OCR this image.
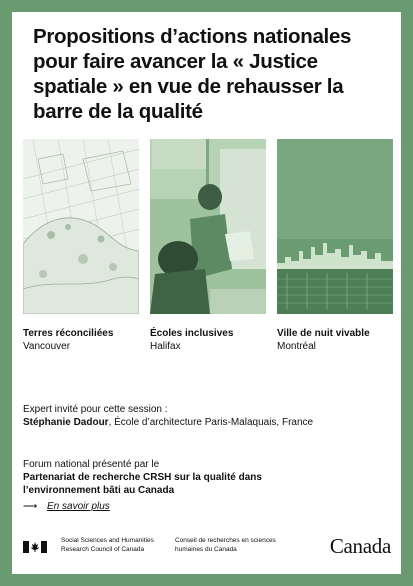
Propositions d’actions nationales pour faire avancer la « Justice spatiale » en vue de rehausser la barre de la qualité
Terres réconciliées
Vancouver
Écoles inclusives
Halifax
Ville de nuit vivable
Montréal
Expert invité pour cette session :
Stéphanie Dadour, École d’architecture Paris-Malaquais, France
Forum national présenté par le
Partenariat de recherche CRSH sur la qualité dans l’environnement bâti au Canada
⟶ En savoir plus
Social Sciences and Humanities Research Council of Canada
Conseil de recherches en sciences humaines du Canada	Canada
